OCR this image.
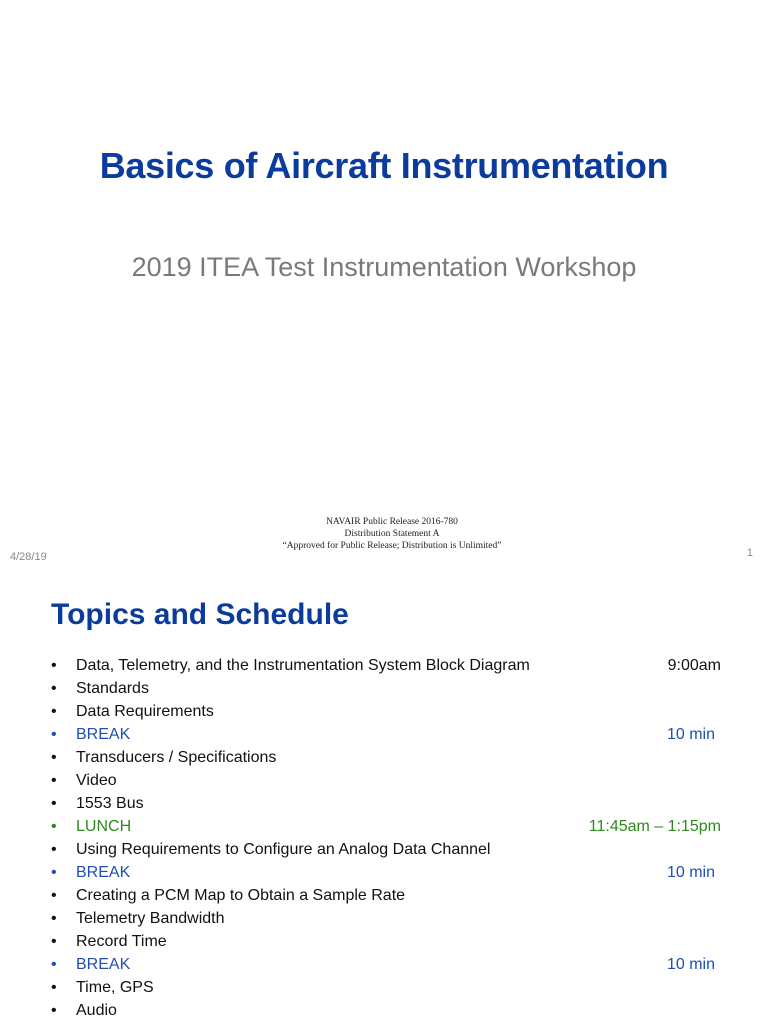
Basics of Aircraft Instrumentation
2019 ITEA Test Instrumentation Workshop
NAVAIR Public Release 2016-780
Distribution Statement A
“Approved for Public Release; Distribution is Unlimited”
4/28/19	1
Topics and Schedule
•	Data, Telemetry, and the Instrumentation System Block Diagram	9:00am
•	Standards
•	Data Requirements
•	BREAK	10 min
•	Transducers / Specifications
•	Video
•	1553 Bus
•	LUNCH	11:45am – 1:15pm
•	Using Requirements to Configure an Analog Data Channel
•	BREAK	10 min
•	Creating a PCM Map to Obtain a Sample Rate
•	Telemetry Bandwidth
•	Record Time
•	BREAK	10 min
•	Time, GPS
•	Audio
